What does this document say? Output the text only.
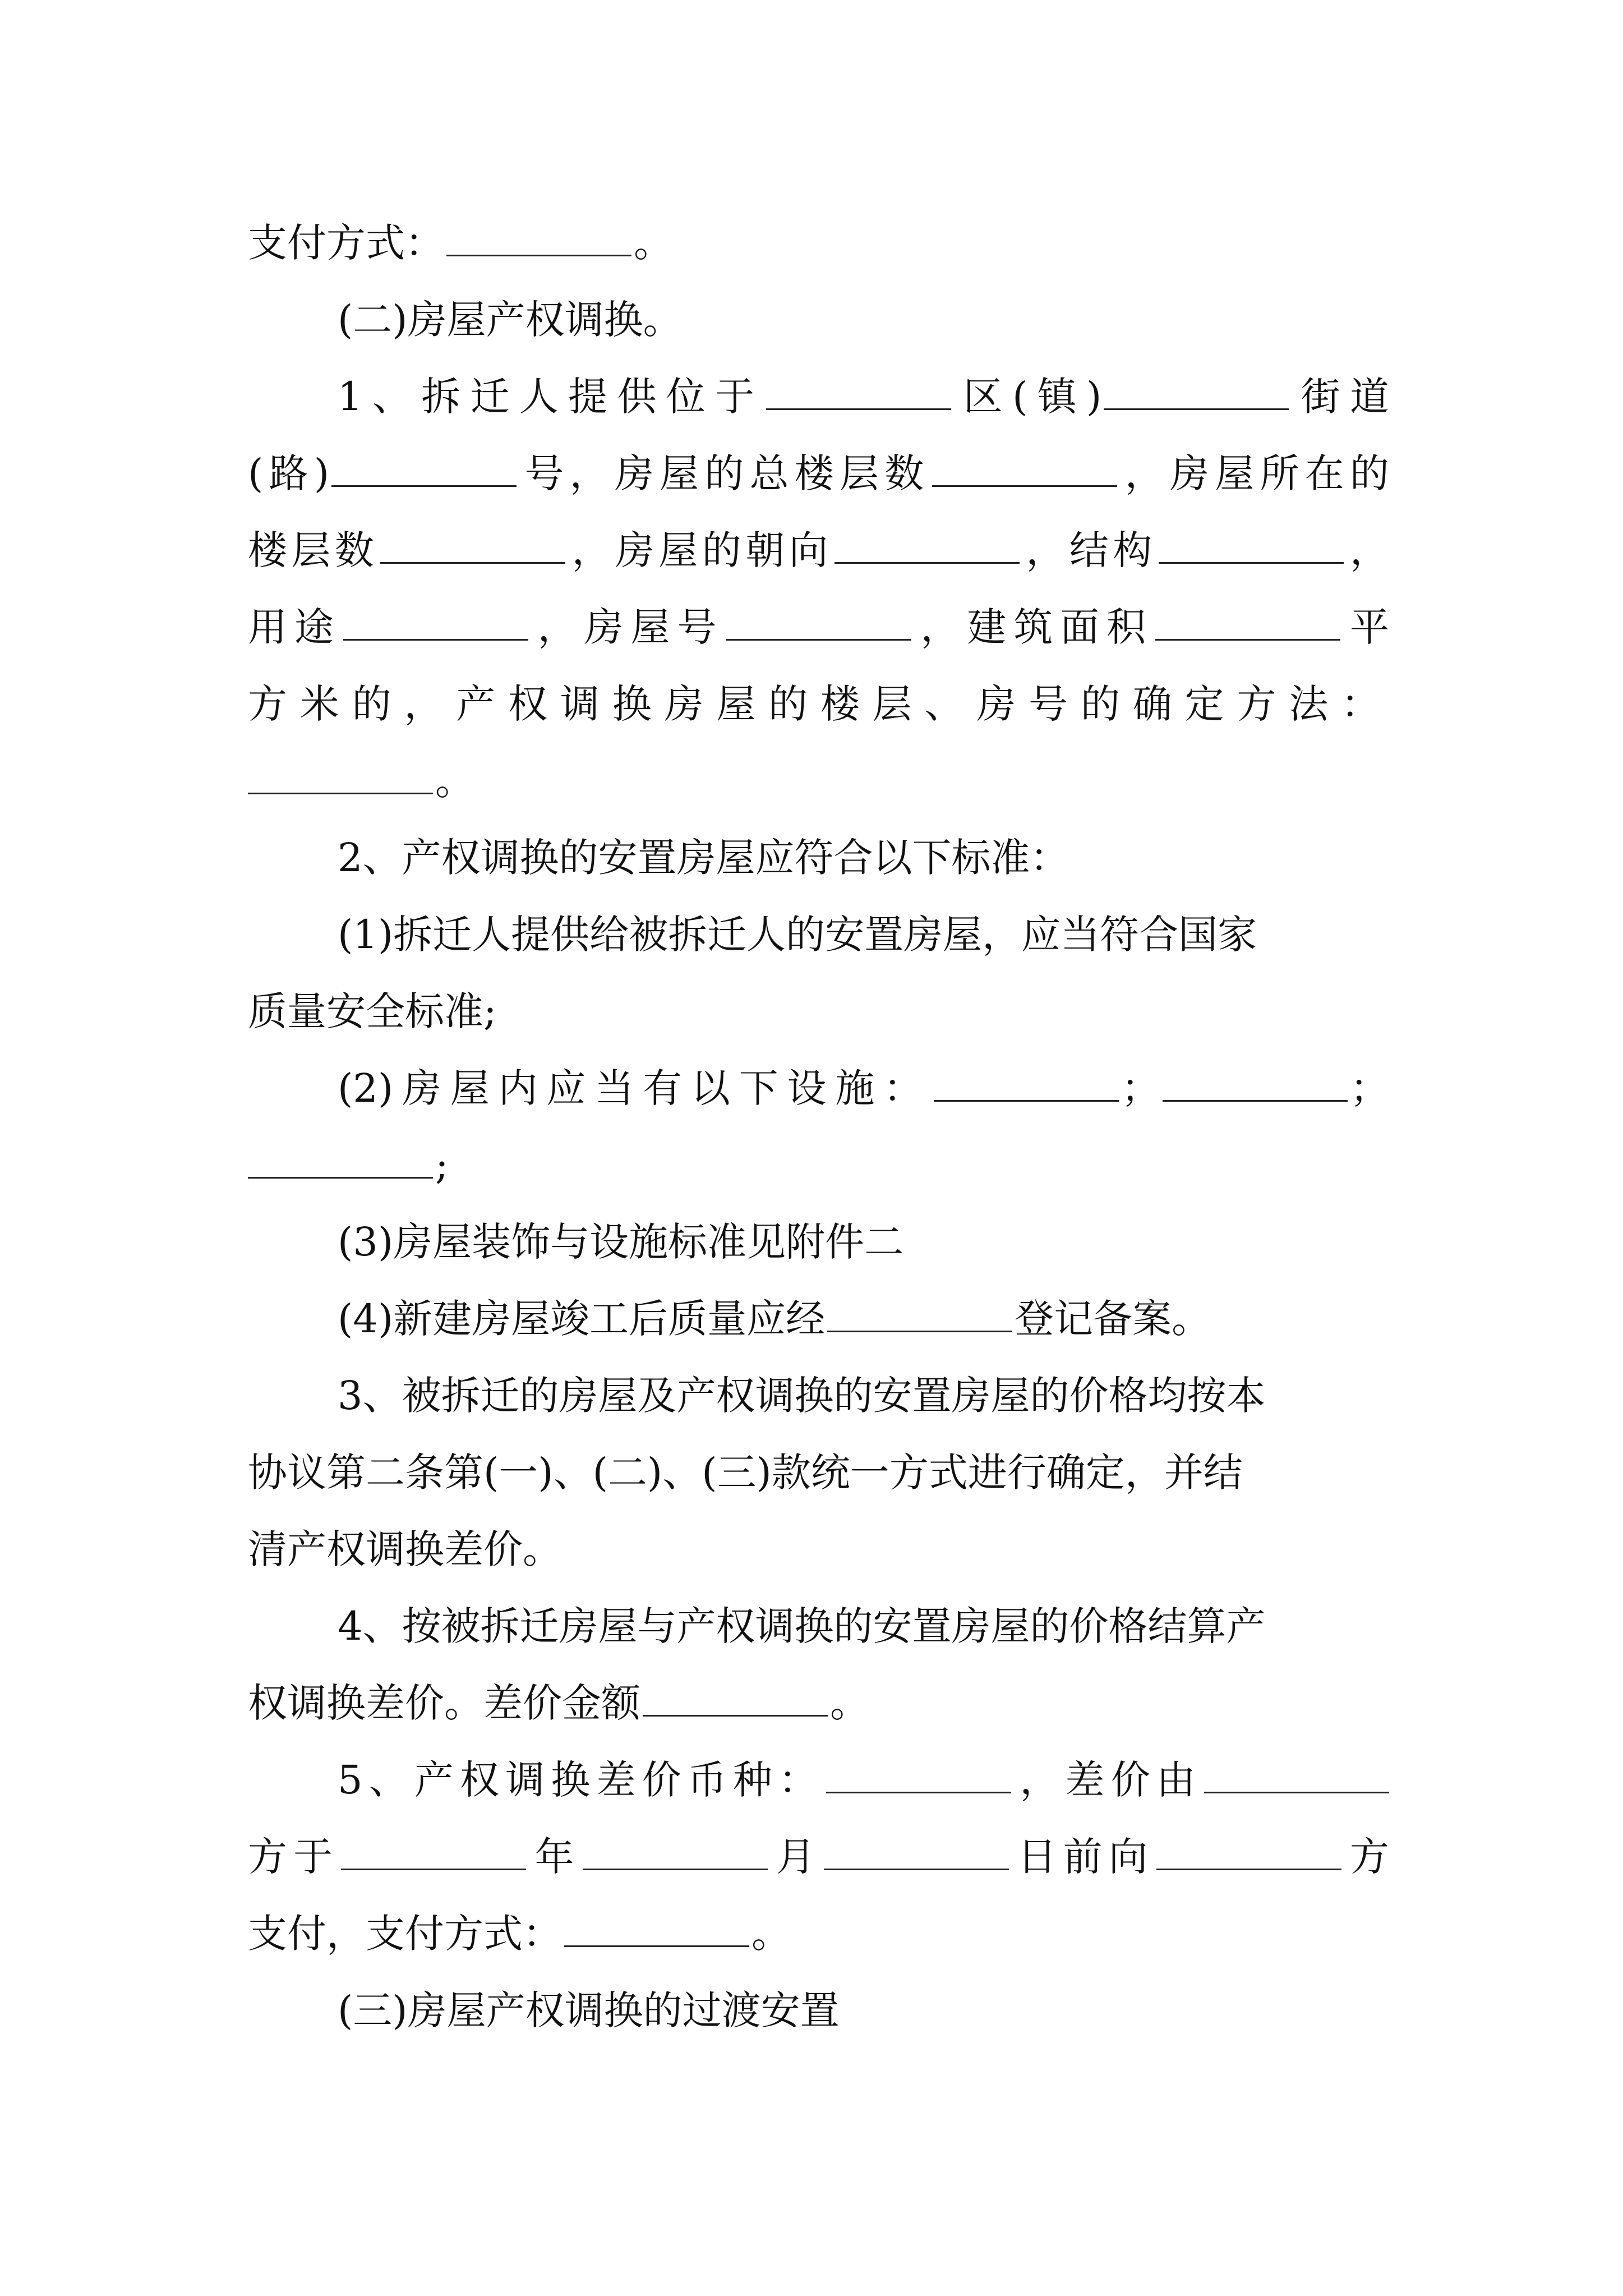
支付方式：	。
(二)房屋产权调换。
1、拆迁人提供位于	区(镇)	街道
(路)	号，房屋的总楼层数	，房屋所在的
楼层数	，房屋的朝向	，结构	，
用途	，房屋号	，建筑面积	平
方米的，产权调换房屋的楼层、房号的确定方法：
。
2、产权调换的安置房屋应符合以下标准：
(1)拆迁人提供给被拆迁人的安置房屋，应当符合国家
质量安全标准;
(2)房屋内应当有以下设施：	；	；
;
(3)房屋装饰与设施标准见附件二
(4)新建房屋竣工后质量应经	登记备案。
3、被拆迁的房屋及产权调换的安置房屋的价格均按本
协议第二条第(一)、(二)、(三)款统一方式进行确定，并结
清产权调换差价。
4、按被拆迁房屋与产权调换的安置房屋的价格结算产
权调换差价。差价金额	。
5、产权调换差价币种：	，差价由
方于	年	月	日前向	方
支付，支付方式：	。
(三)房屋产权调换的过渡安置
